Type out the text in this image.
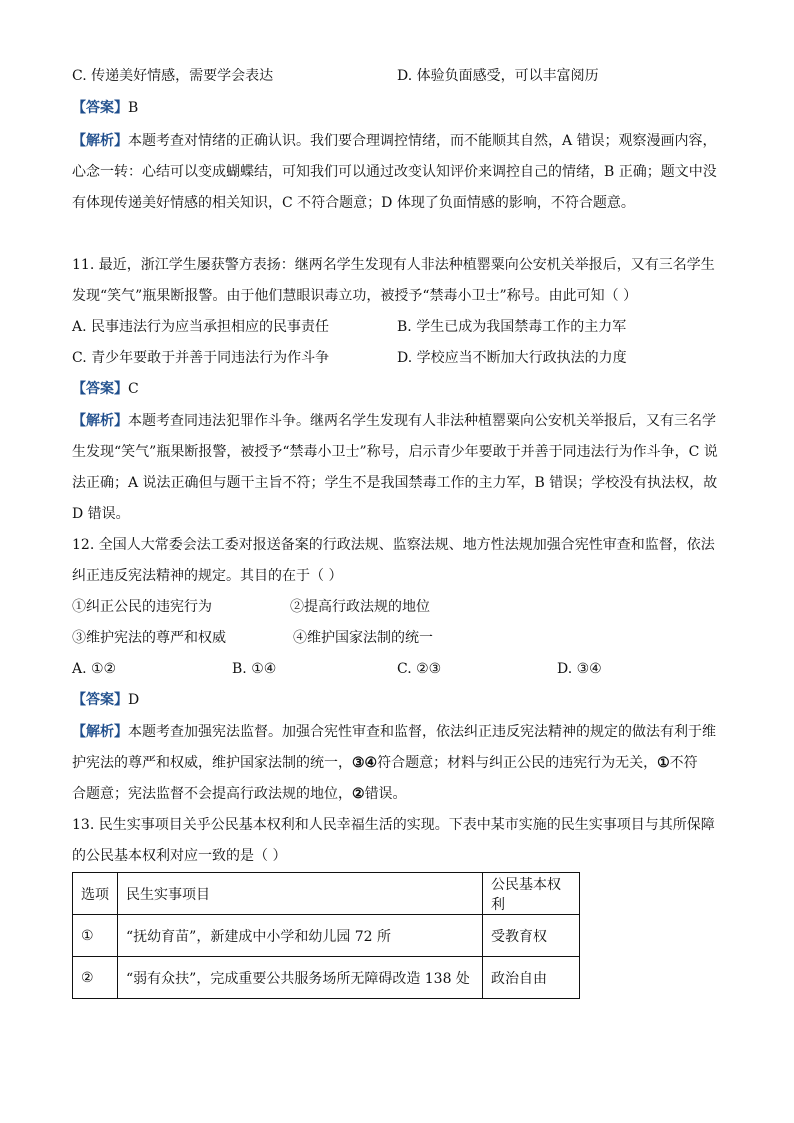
C. 传递美好情感，需要学会表达	D. 体验负面感受，可以丰富阅历
【答案】B
【解析】本题考查对情绪的正确认识。我们要合理调控情绪，而不能顺其自然，A 错误；观察漫画内容，
心念一转：心结可以变成蝴蝶结，可知我们可以通过改变认知评价来调控自己的情绪，B 正确；题文中没
有体现传递美好情感的相关知识，C 不符合题意；D 体现了负面情感的影响，不符合题意。
11. 最近，浙江学生屡获警方表扬：继两名学生发现有人非法种植罂粟向公安机关举报后，又有三名学生
发现“笑气”瓶果断报警。由于他们慧眼识毒立功，被授予“禁毒小卫士”称号。由此可知（ ）
A. 民事违法行为应当承担相应的民事责任	B. 学生已成为我国禁毒工作的主力军
C. 青少年要敢于并善于同违法行为作斗争	D. 学校应当不断加大行政执法的力度
【答案】C
【解析】本题考查同违法犯罪作斗争。继两名学生发现有人非法种植罂粟向公安机关举报后，又有三名学
生发现“笑气”瓶果断报警，被授予“禁毒小卫士”称号，启示青少年要敢于并善于同违法行为作斗争，C 说
法正确；A 说法正确但与题干主旨不符；学生不是我国禁毒工作的主力军，B 错误；学校没有执法权，故
D 错误。
12. 全国人大常委会法工委对报送备案的行政法规、监察法规、地方性法规加强合宪性审查和监督，依法
纠正违反宪法精神的规定。其目的在于（ ）
①纠正公民的违宪行为	②提高行政法规的地位
③维护宪法的尊严和权威	④维护国家法制的统一
A. ①②	B. ①④	C. ②③	D. ③④
【答案】D
【解析】本题考查加强宪法监督。加强合宪性审查和监督，依法纠正违反宪法精神的规定的做法有利于维
护宪法的尊严和权威，维护国家法制的统一，③④符合题意；材料与纠正公民的违宪行为无关，①不符
合题意；宪法监督不会提高行政法规的地位，②错误。
13. 民生实事项目关乎公民基本权利和人民幸福生活的实现。下表中某市实施的民生实事项目与其所保障
的公民基本权利对应一致的是（ ）
选项	民生实事项目	公民基本权利
①	“抚幼育苗”，新建成中小学和幼儿园 72 所	受教育权
②	“弱有众扶”，完成重要公共服务场所无障碍改造 138 处	政治自由
